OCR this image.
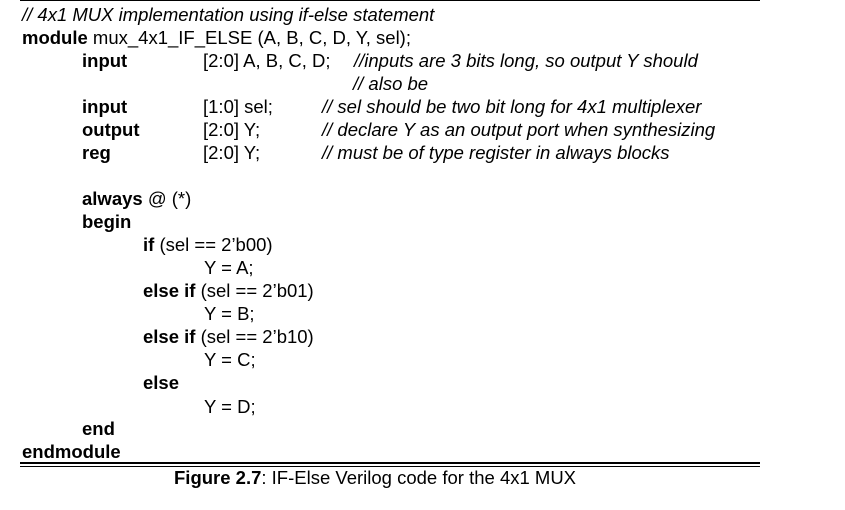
// 4x1 MUX implementation using if-else statement
module mux_4x1_IF_ELSE (A, B, C, D, Y, sel);
input	[2:0] A, B, C, D; //inputs are 3 bits long, so output Y should
// also be
input	[1:0] sel;	// sel should be two bit long for 4x1 multiplexer
output	[2:0] Y;	// declare Y as an output port when synthesizing
reg	[2:0] Y;	// must be of type register in always blocks
always @ (*)
begin
if (sel == 2’b00)
Y = A;
else if (sel == 2’b01)
Y = B;
else if (sel == 2’b10)
Y = C;
else
Y = D;
end
endmodule
Figure 2.7: IF-Else Verilog code for the 4x1 MUX
